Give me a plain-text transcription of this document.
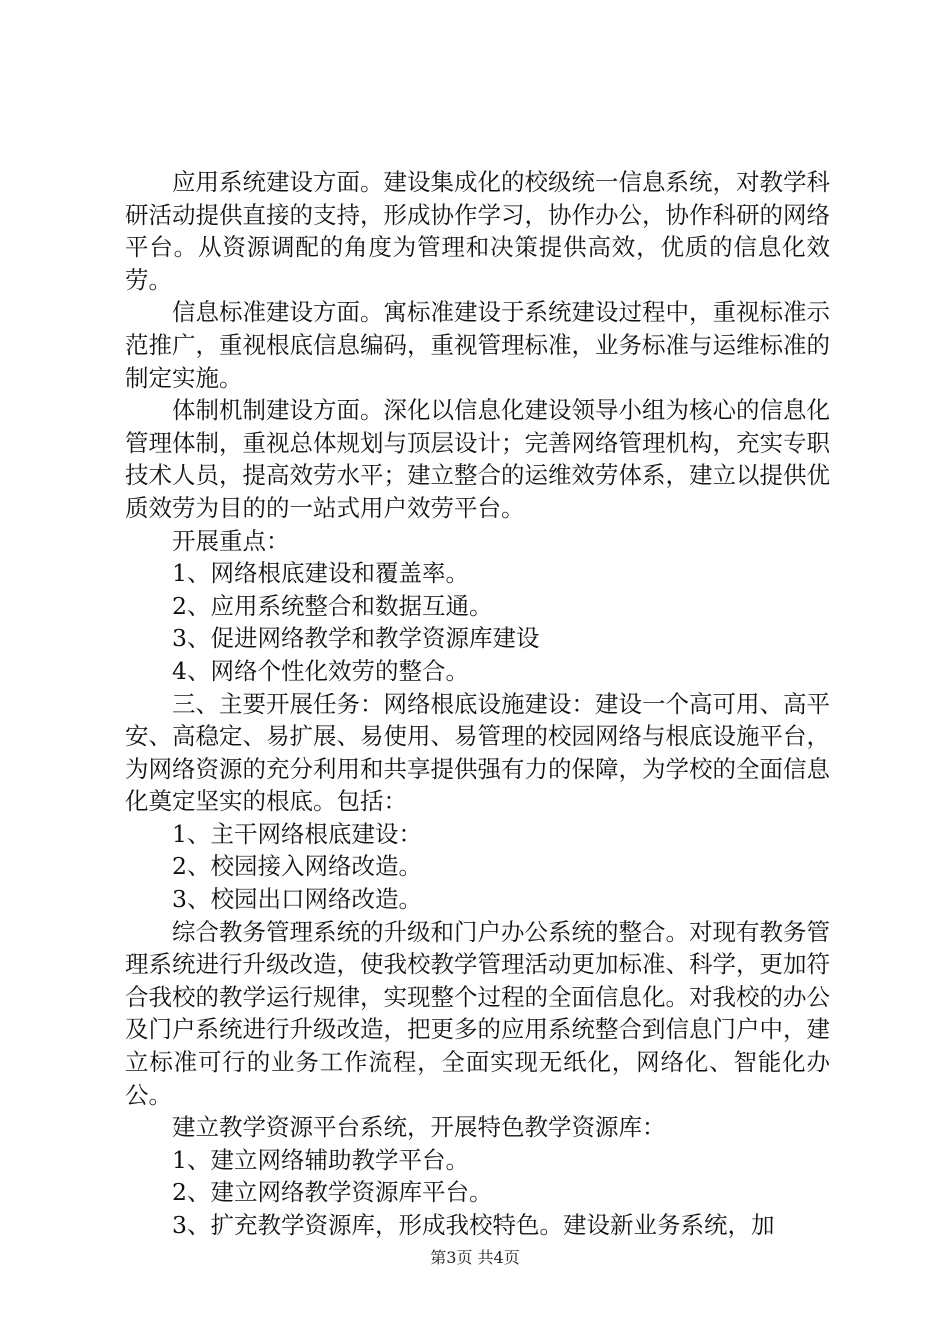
应用系统建设方面。建设集成化的校级统一信息系统，对教学科研活动提供直接的支持，形成协作学习，协作办公，协作科研的网络平台。从资源调配的角度为管理和决策提供高效，优质的信息化效劳。

信息标准建设方面。寓标准建设于系统建设过程中，重视标准示范推广，重视根底信息编码，重视管理标准，业务标准与运维标准的制定实施。

体制机制建设方面。深化以信息化建设领导小组为核心的信息化管理体制，重视总体规划与顶层设计；完善网络管理机构，充实专职技术人员，提高效劳水平；建立整合的运维效劳体系，建立以提供优质效劳为目的的一站式用户效劳平台。

开展重点：

1、网络根底建设和覆盖率。

2、应用系统整合和数据互通。

3、促进网络教学和教学资源库建设

4、网络个性化效劳的整合。

三、主要开展任务：网络根底设施建设：建设一个高可用、高平安、高稳定、易扩展、易使用、易管理的校园网络与根底设施平台，为网络资源的充分利用和共享提供强有力的保障，为学校的全面信息化奠定坚实的根底。包括：

1、主干网络根底建设：

2、校园接入网络改造。

3、校园出口网络改造。

综合教务管理系统的升级和门户办公系统的整合。对现有教务管理系统进行升级改造，使我校教学管理活动更加标准、科学，更加符合我校的教学运行规律，实现整个过程的全面信息化。对我校的办公及门户系统进行升级改造，把更多的应用系统整合到信息门户中，建立标准可行的业务工作流程，全面实现无纸化，网络化、智能化办公。

建立教学资源平台系统，开展特色教学资源库：

1、建立网络辅助教学平台。

2、建立网络教学资源库平台。

3、扩充教学资源库，形成我校特色。建设新业务系统，加

第3页 共4页
